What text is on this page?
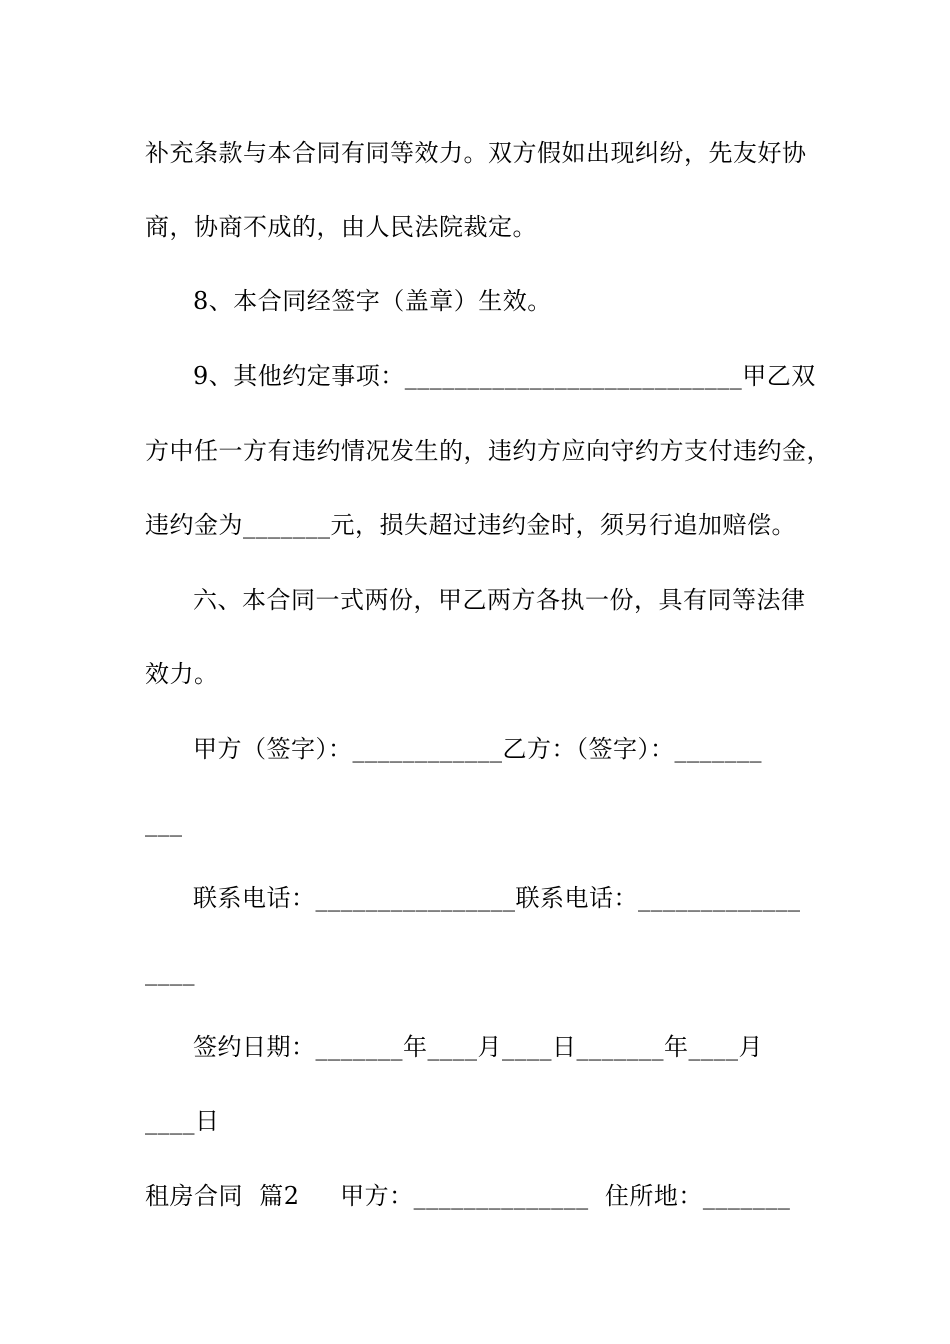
补充条款与本合同有同等效力。双方假如出现纠纷，先友好协
商，协商不成的，由人民法院裁定。
8、本合同经签字（盖章）生效。
9、其他约定事项：___________________________甲乙双
方中任一方有违约情况发生的，违约方应向守约方支付违约金，
违约金为_______元，损失超过违约金时，须另行追加赔偿。
六、本合同一式两份，甲乙两方各执一份，具有同等法律
效力。
甲方（签字）：____________乙方：（签字）：_______
___
联系电话：________________联系电话：_____________
____
签约日期：_______年____月____日_______年____月
____日
租房合同  篇2     甲方：______________  住所地：_______
